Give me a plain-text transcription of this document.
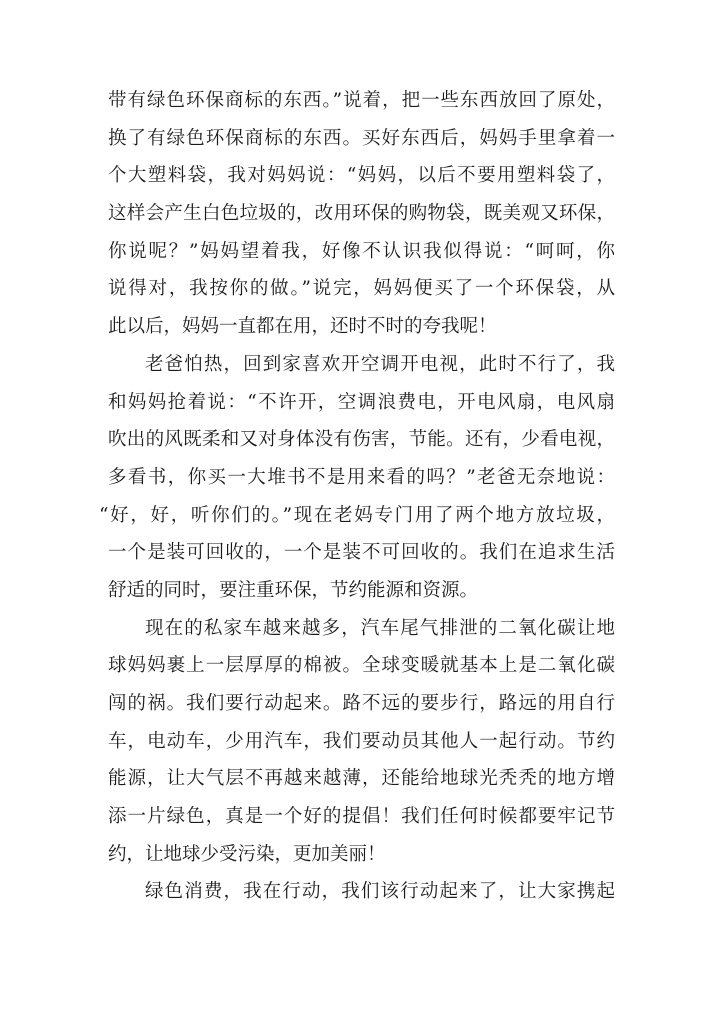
带有绿色环保商标的东西。”说着，把一些东西放回了原处，
换了有绿色环保商标的东西。买好东西后，妈妈手里拿着一
个大塑料袋，我对妈妈说：“妈妈，以后不要用塑料袋了，
这样会产生白色垃圾的，改用环保的购物袋，既美观又环保，
你说呢？”妈妈望着我，好像不认识我似得说：“呵呵，你
说得对，我按你的做。”说完，妈妈便买了一个环保袋，从
此以后，妈妈一直都在用，还时不时的夸我呢！
老爸怕热，回到家喜欢开空调开电视，此时不行了，我
和妈妈抢着说：“不许开，空调浪费电，开电风扇，电风扇
吹出的风既柔和又对身体没有伤害，节能。还有，少看电视，
多看书，你买一大堆书不是用来看的吗？”老爸无奈地说：
“好，好，听你们的。”现在老妈专门用了两个地方放垃圾，
一个是装可回收的，一个是装不可回收的。我们在追求生活
舒适的同时，要注重环保，节约能源和资源。
现在的私家车越来越多，汽车尾气排泄的二氧化碳让地
球妈妈裹上一层厚厚的棉被。全球变暖就基本上是二氧化碳
闯的祸。我们要行动起来。路不远的要步行，路远的用自行
车，电动车，少用汽车，我们要动员其他人一起行动。节约
能源，让大气层不再越来越薄，还能给地球光秃秃的地方增
添一片绿色，真是一个好的提倡！我们任何时候都要牢记节
约，让地球少受污染，更加美丽！
绿色消费，我在行动，我们该行动起来了，让大家携起
